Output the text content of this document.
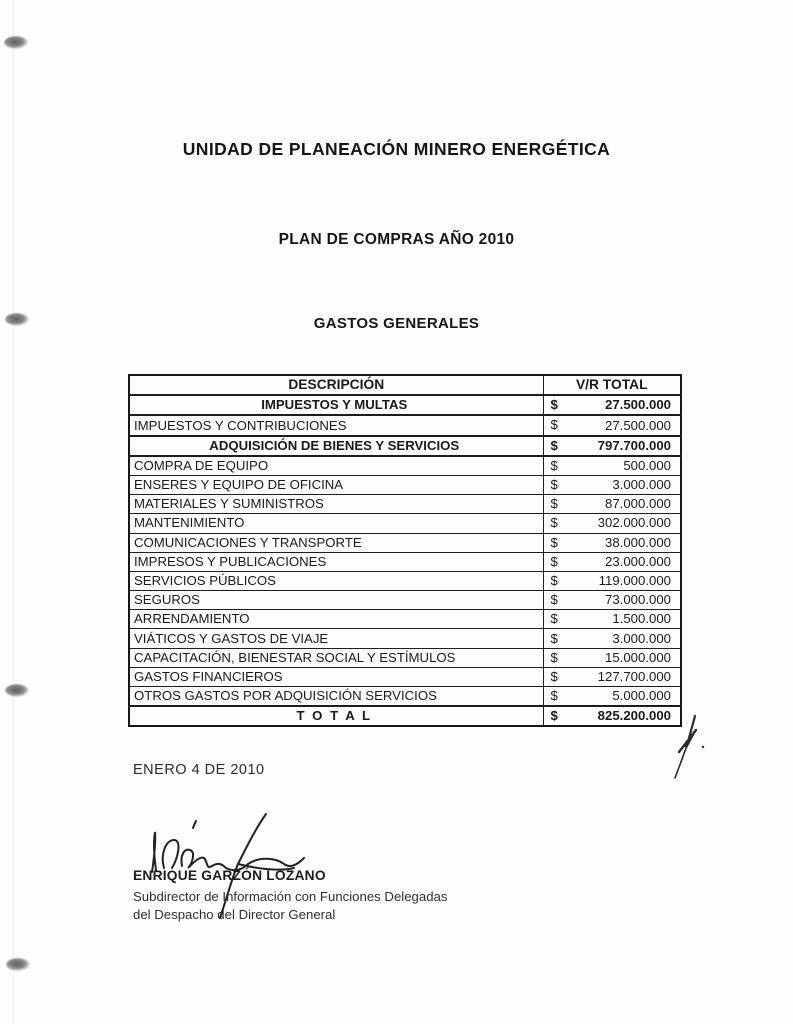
UNIDAD DE PLANEACIÓN MINERO ENERGÉTICA
PLAN DE COMPRAS AÑO 2010
GASTOS GENERALES
DESCRIPCIÓN	V/R TOTAL
IMPUESTOS Y MULTAS	$ 27.500.000

IMPUESTOS Y CONTRIBUCIONES	$ 27.500.000

ADQUISICIÓN DE BIENES Y SERVICIOS	$ 797.700.000

COMPRA DE EQUIPO	$ 500.000

ENSERES Y EQUIPO DE OFICINA	$ 3.000.000

MATERIALES Y SUMINISTROS	$ 87.000.000

MANTENIMIENTO	$ 302.000.000

COMUNICACIONES Y TRANSPORTE	$ 38.000.000

IMPRESOS Y PUBLICACIONES	$ 23.000.000

SERVICIOS PÚBLICOS	$ 119.000.000

SEGUROS	$ 73.000.000

ARRENDAMIENTO	$ 1.500.000

VIÁTICOS Y GASTOS DE VIAJE	$ 3.000.000

CAPACITACIÓN, BIENESTAR SOCIAL Y ESTÍMULOS	$ 15.000.000

GASTOS FINANCIEROS	$ 127.700.000

OTROS GASTOS POR ADQUISICIÓN SERVICIOS	$ 5.000.000

T O T A L	$ 825.200.000
ENERO 4 DE 2010
ENRIQUE GARZÓN LOZANO
Subdirector de Información con Funciones Delegadas
del Despacho del Director General
